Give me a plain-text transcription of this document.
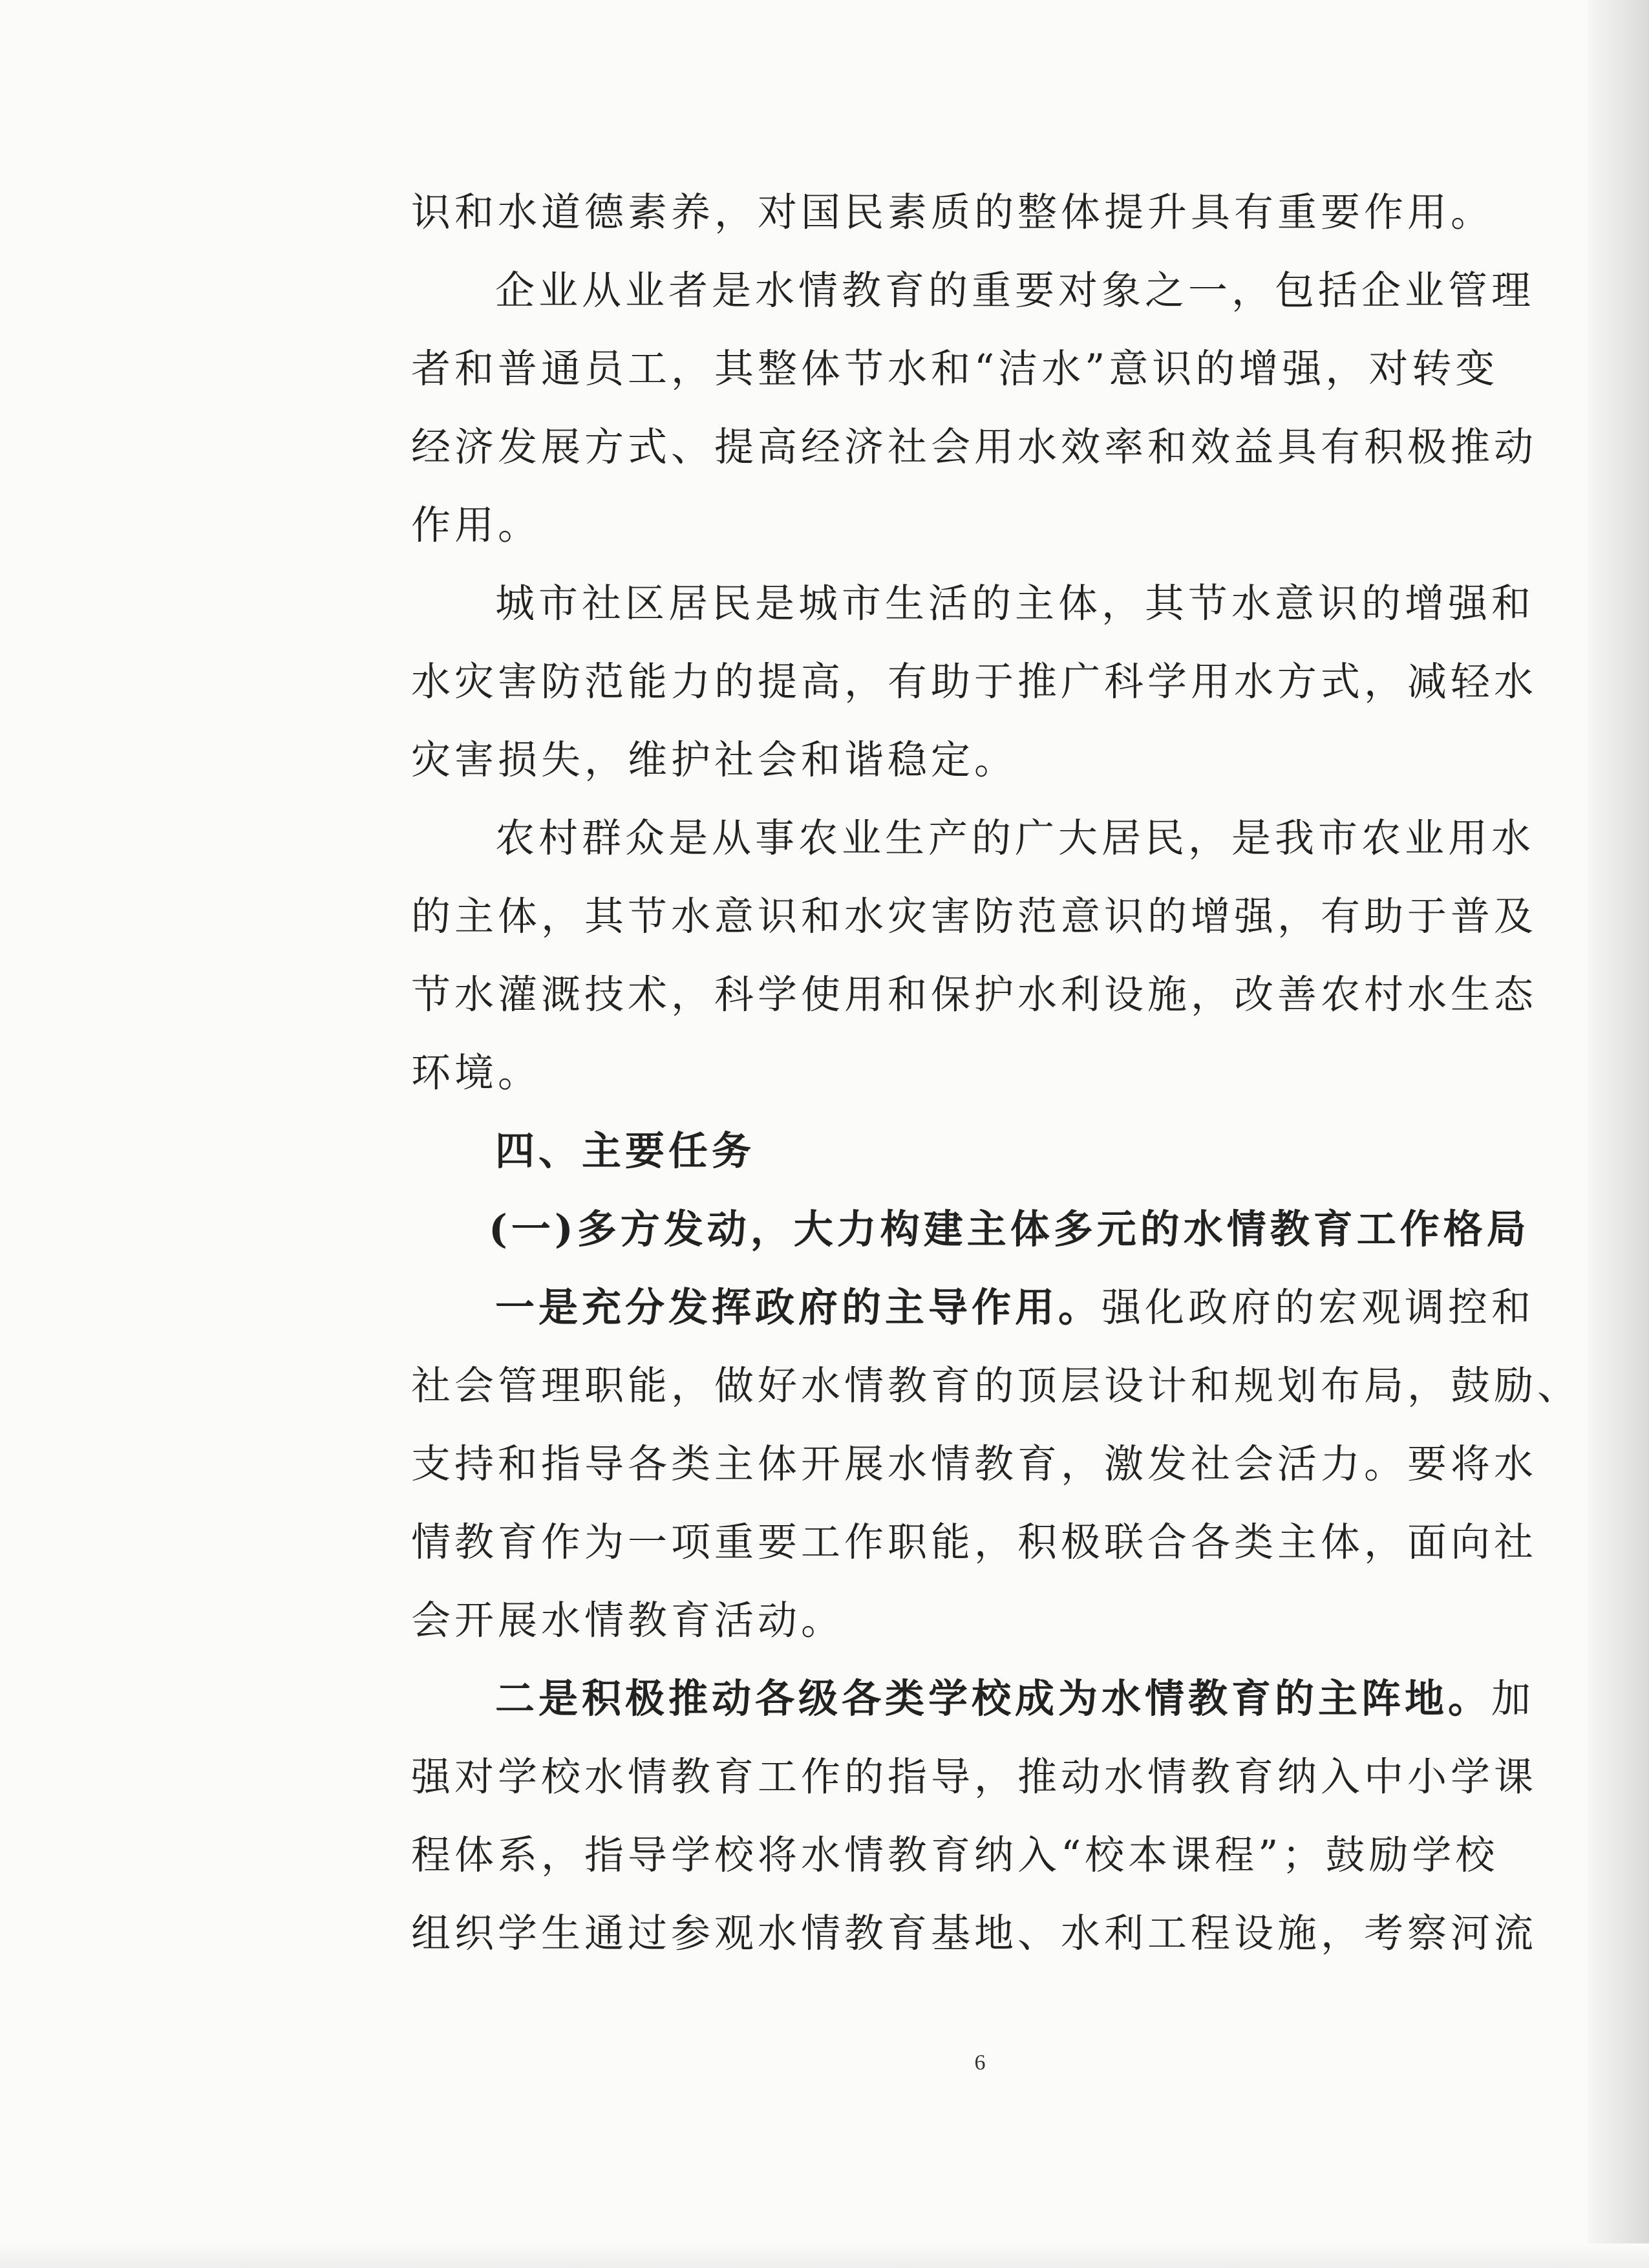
识和水道德素养，对国民素质的整体提升具有重要作用。

企业从业者是水情教育的重要对象之一，包括企业管理

者和普通员工，其整体节水和“洁水”意识的增强，对转变

经济发展方式、提高经济社会用水效率和效益具有积极推动

作用。

城市社区居民是城市生活的主体，其节水意识的增强和

水灾害防范能力的提高，有助于推广科学用水方式，减轻水

灾害损失，维护社会和谐稳定。

农村群众是从事农业生产的广大居民，是我市农业用水

的主体，其节水意识和水灾害防范意识的增强，有助于普及

节水灌溉技术，科学使用和保护水利设施，改善农村水生态

环境。

四、主要任务

(一)多方发动，大力构建主体多元的水情教育工作格局

一是充分发挥政府的主导作用。强化政府的宏观调控和

社会管理职能，做好水情教育的顶层设计和规划布局，鼓励、

支持和指导各类主体开展水情教育，激发社会活力。要将水

情教育作为一项重要工作职能，积极联合各类主体，面向社

会开展水情教育活动。

二是积极推动各级各类学校成为水情教育的主阵地。加

强对学校水情教育工作的指导，推动水情教育纳入中小学课

程体系，指导学校将水情教育纳入“校本课程”；鼓励学校

组织学生通过参观水情教育基地、水利工程设施，考察河流

6
